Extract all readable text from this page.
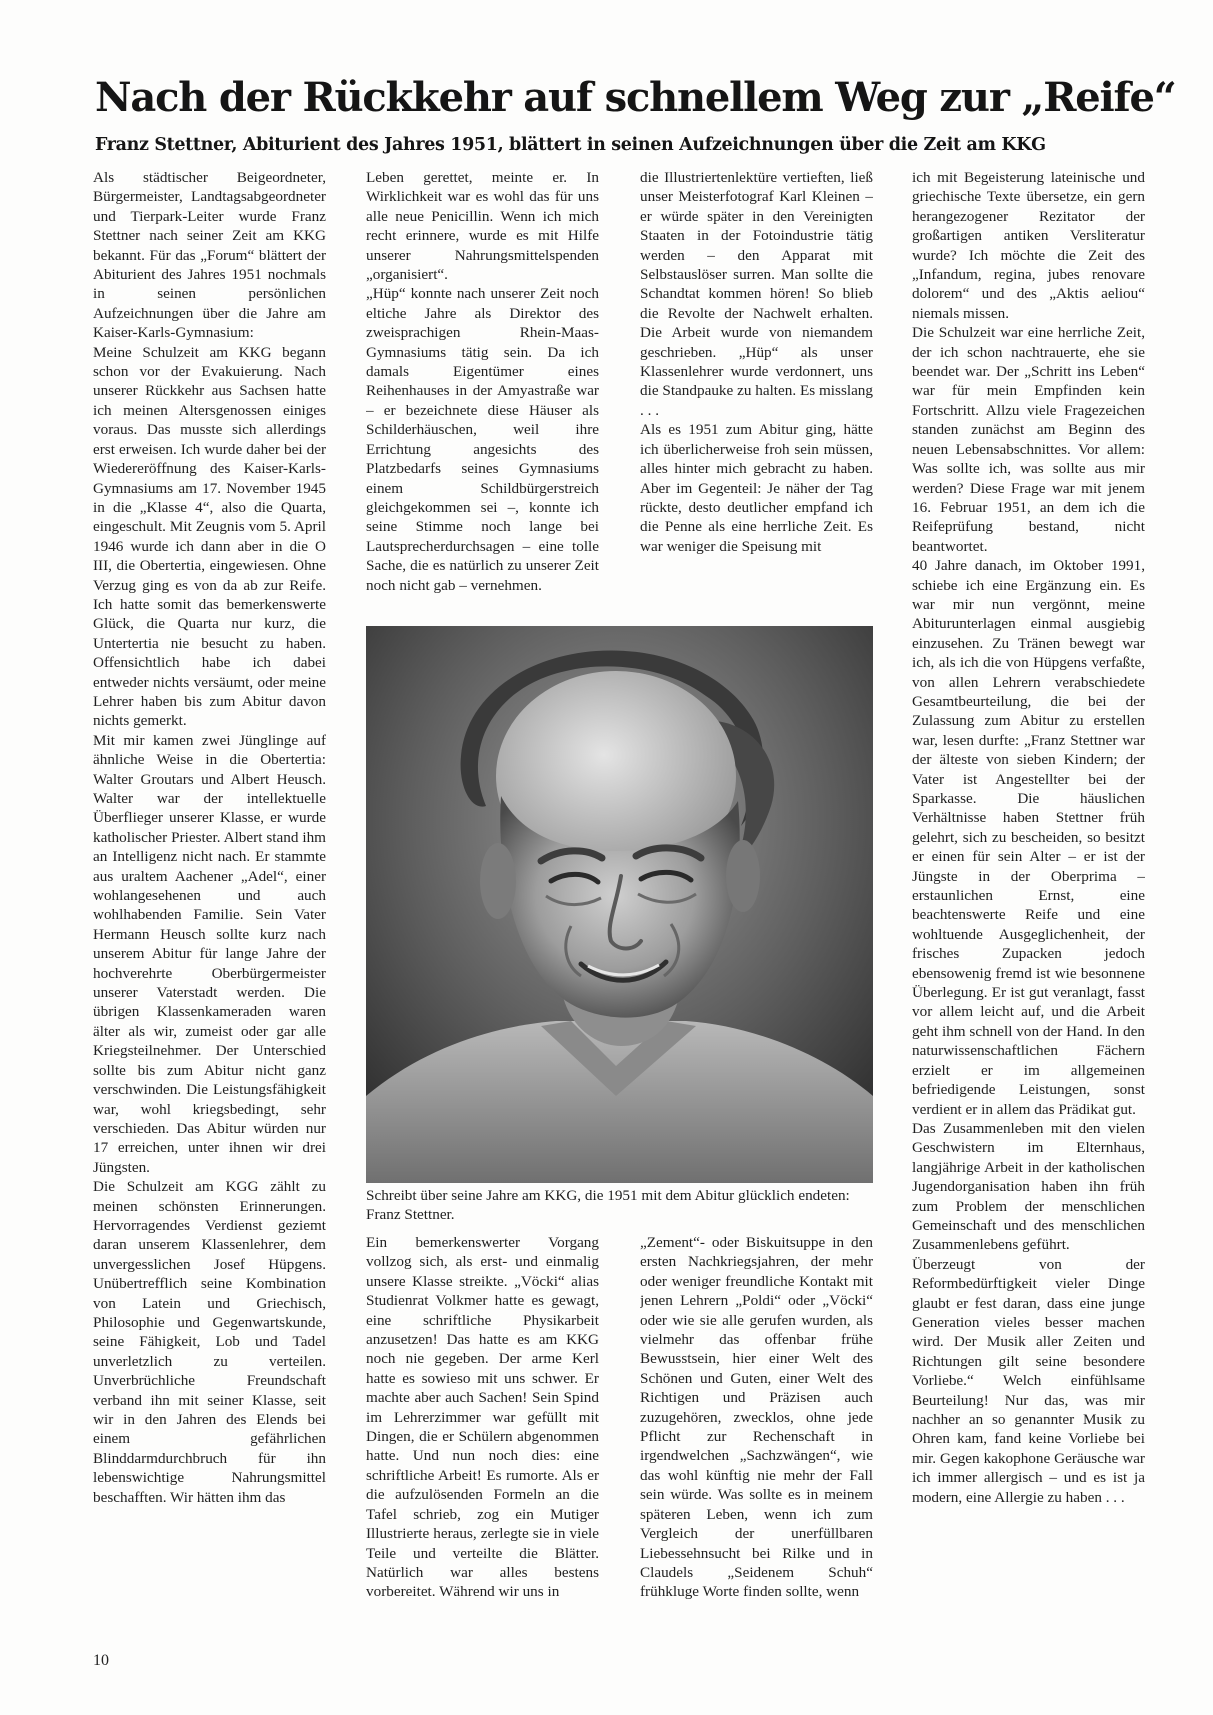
Nach der Rückkehr auf schnellem Weg zur „Reife“
Franz Stettner, Abiturient des Jahres 1951, blättert in seinen Aufzeichnungen über die Zeit am KKG

Als städtischer Beigeordneter, Bürgermeister, Landtagsabgeordneter und Tierpark-Leiter wurde Franz Stettner nach seiner Zeit am KKG bekannt. Für das „Forum“ blättert der Abiturient des Jahres 1951 nochmals in seinen persönlichen Aufzeichnungen über die Jahre am Kaiser-Karls-Gymnasium:

Meine Schulzeit am KKG begann schon vor der Evakuierung. Nach unserer Rückkehr aus Sachsen hatte ich meinen Altersgenossen einiges voraus. Das musste sich allerdings erst erweisen. Ich wurde daher bei der Wiedereröffnung des Kaiser-Karls-Gymnasiums am 17. November 1945 in die „Klasse 4“, also die Quarta, eingeschult. Mit Zeugnis vom 5. April 1946 wurde ich dann aber in die O III, die Obertertia, eingewiesen. Ohne Verzug ging es von da ab zur Reife. Ich hatte somit das bemerkenswerte Glück, die Quarta nur kurz, die Untertertia nie besucht zu haben. Offensichtlich habe ich dabei entweder nichts versäumt, oder meine Lehrer haben bis zum Abitur davon nichts gemerkt.

Mit mir kamen zwei Jünglinge auf ähnliche Weise in die Obertertia: Walter Groutars und Albert Heusch. Walter war der intellektuelle Überflieger unserer Klasse, er wurde katholischer Priester. Albert stand ihm an Intelligenz nicht nach. Er stammte aus uraltem Aachener „Adel“, einer wohlangesehenen und auch wohlhabenden Familie. Sein Vater Hermann Heusch sollte kurz nach unserem Abitur für lange Jahre der hochverehrte Oberbürgermeister unserer Vaterstadt werden. Die übrigen Klassenkameraden waren älter als wir, zumeist oder gar alle Kriegsteilnehmer. Der Unterschied sollte bis zum Abitur nicht ganz verschwinden. Die Leistungsfähigkeit war, wohl kriegsbedingt, sehr verschieden. Das Abitur würden nur 17 erreichen, unter ihnen wir drei Jüngsten.

Die Schulzeit am KGG zählt zu meinen schönsten Erinnerungen. Hervorragendes Verdienst geziemt daran unserem Klassenlehrer, dem unvergesslichen Josef Hüpgens. Unübertrefflich seine Kombination von Latein und Griechisch, Philosophie und Gegenwartskunde, seine Fähigkeit, Lob und Tadel unverletzlich zu verteilen. Unverbrüchliche Freundschaft verband ihn mit seiner Klasse, seit wir in den Jahren des Elends bei einem gefährlichen Blinddarmdurchbruch für ihn lebenswichtige Nahrungsmittel beschafften. Wir hätten ihm das

Leben gerettet, meinte er. In Wirklichkeit war es wohl das für uns alle neue Penicillin. Wenn ich mich recht erinnere, wurde es mit Hilfe unserer Nahrungsmittelspenden „organisiert“.

„Hüp“ konnte nach unserer Zeit noch eltiche Jahre als Direktor des zweisprachigen Rhein-Maas-Gymnasiums tätig sein. Da ich damals Eigentümer eines Reihenhauses in der Amyastraße war – er bezeichnete diese Häuser als Schilderhäuschen, weil ihre Errichtung angesichts des Platzbedarfs seines Gymnasiums einem Schildbürgerstreich gleichgekommen sei –, konnte ich seine Stimme noch lange bei Lautsprecherdurchsagen – eine tolle Sache, die es natürlich zu unserer Zeit noch nicht gab – vernehmen.

die Illustriertenlektüre vertieften, ließ unser Meisterfotograf Karl Kleinen – er würde später in den Vereinigten Staaten in der Fotoindustrie tätig werden – den Apparat mit Selbstauslöser surren. Man sollte die Schandtat kommen hören! So blieb die Revolte der Nachwelt erhalten. Die Arbeit wurde von niemandem geschrieben. „Hüp“ als unser Klassenlehrer wurde verdonnert, uns die Standpauke zu halten. Es misslang . . .

Als es 1951 zum Abitur ging, hätte ich überlicherweise froh sein müssen, alles hinter mich gebracht zu haben. Aber im Gegenteil: Je näher der Tag rückte, desto deutlicher empfand ich die Penne als eine herrliche Zeit. Es war weniger die Speisung mit

ich mit Begeisterung lateinische und griechische Texte übersetze, ein gern herangezogener Rezitator der großartigen antiken Versliteratur wurde? Ich möchte die Zeit des „Infandum, regina, jubes renovare dolorem“ und des „Aktis aeliou“ niemals missen.

Die Schulzeit war eine herrliche Zeit, der ich schon nachtrauerte, ehe sie beendet war. Der „Schritt ins Leben“ war für mein Empfinden kein Fortschritt. Allzu viele Fragezeichen standen zunächst am Beginn des neuen Lebensabschnittes. Vor allem: Was sollte ich, was sollte aus mir werden? Diese Frage war mit jenem 16. Februar 1951, an dem ich die Reifeprüfung bestand, nicht beantwortet.

40 Jahre danach, im Oktober 1991, schiebe ich eine Ergänzung ein. Es war mir nun vergönnt, meine Abiturunterlagen einmal ausgiebig einzusehen. Zu Tränen bewegt war ich, als ich die von Hüpgens verfaßte, von allen Lehrern verabschiedete Gesamtbeurteilung, die bei der Zulassung zum Abitur zu erstellen war, lesen durfte: „Franz Stettner war der älteste von sieben Kindern; der Vater ist Angestellter bei der Sparkasse. Die häuslichen Verhältnisse haben Stettner früh gelehrt, sich zu bescheiden, so besitzt er einen für sein Alter – er ist der Jüngste in der Oberprima – erstaunlichen Ernst, eine beachtenswerte Reife und eine wohltuende Ausgeglichenheit, der frisches Zupacken jedoch ebensowenig fremd ist wie besonnene Überlegung. Er ist gut veranlagt, fasst vor allem leicht auf, und die Arbeit geht ihm schnell von der Hand. In den naturwissenschaftlichen Fächern erzielt er im allgemeinen befriedigende Leistungen, sonst verdient er in allem das Prädikat gut.

Das Zusammenleben mit den vielen Geschwistern im Elternhaus, langjährige Arbeit in der katholischen Jugendorganisation haben ihn früh zum Problem der menschlichen Gemeinschaft und des menschlichen Zusammenlebens geführt.

Überzeugt von der Reformbedürftigkeit vieler Dinge glaubt er fest daran, dass eine junge Generation vieles besser machen wird. Der Musik aller Zeiten und Richtungen gilt seine besondere Vorliebe.“ Welch einfühlsame Beurteilung! Nur das, was mir nachher an so genannter Musik zu Ohren kam, fand keine Vorliebe bei mir. Gegen kakophone Geräusche war ich immer allergisch – und es ist ja modern, eine Allergie zu haben . . .

Schreibt über seine Jahre am KKG, die 1951 mit dem Abitur glücklich endeten: Franz Stettner.

Ein bemerkenswerter Vorgang vollzog sich, als erst- und einmalig unsere Klasse streikte. „Vöcki“ alias Studienrat Volkmer hatte es gewagt, eine schriftliche Physikarbeit anzusetzen! Das hatte es am KKG noch nie gegeben. Der arme Kerl hatte es sowieso mit uns schwer. Er machte aber auch Sachen! Sein Spind im Lehrerzimmer war gefüllt mit Dingen, die er Schülern abgenommen hatte. Und nun noch dies: eine schriftliche Arbeit! Es rumorte. Als er die aufzulösenden Formeln an die Tafel schrieb, zog ein Mutiger Illustrierte heraus, zerlegte sie in viele Teile und verteilte die Blätter. Natürlich war alles bestens vorbereitet. Während wir uns in

„Zement“- oder Biskuitsuppe in den ersten Nachkriegsjahren, der mehr oder weniger freundliche Kontakt mit jenen Lehrern „Poldi“ oder „Vöcki“ oder wie sie alle gerufen wurden, als vielmehr das offenbar frühe Bewusstsein, hier einer Welt des Schönen und Guten, einer Welt des Richtigen und Präzisen auch zuzugehören, zwecklos, ohne jede Pflicht zur Rechenschaft in irgendwelchen „Sachzwängen“, wie das wohl künftig nie mehr der Fall sein würde. Was sollte es in meinem späteren Leben, wenn ich zum Vergleich der unerfüllbaren Liebessehnsucht bei Rilke und in Claudels „Seidenem Schuh“ frühkluge Worte finden sollte, wenn

10
